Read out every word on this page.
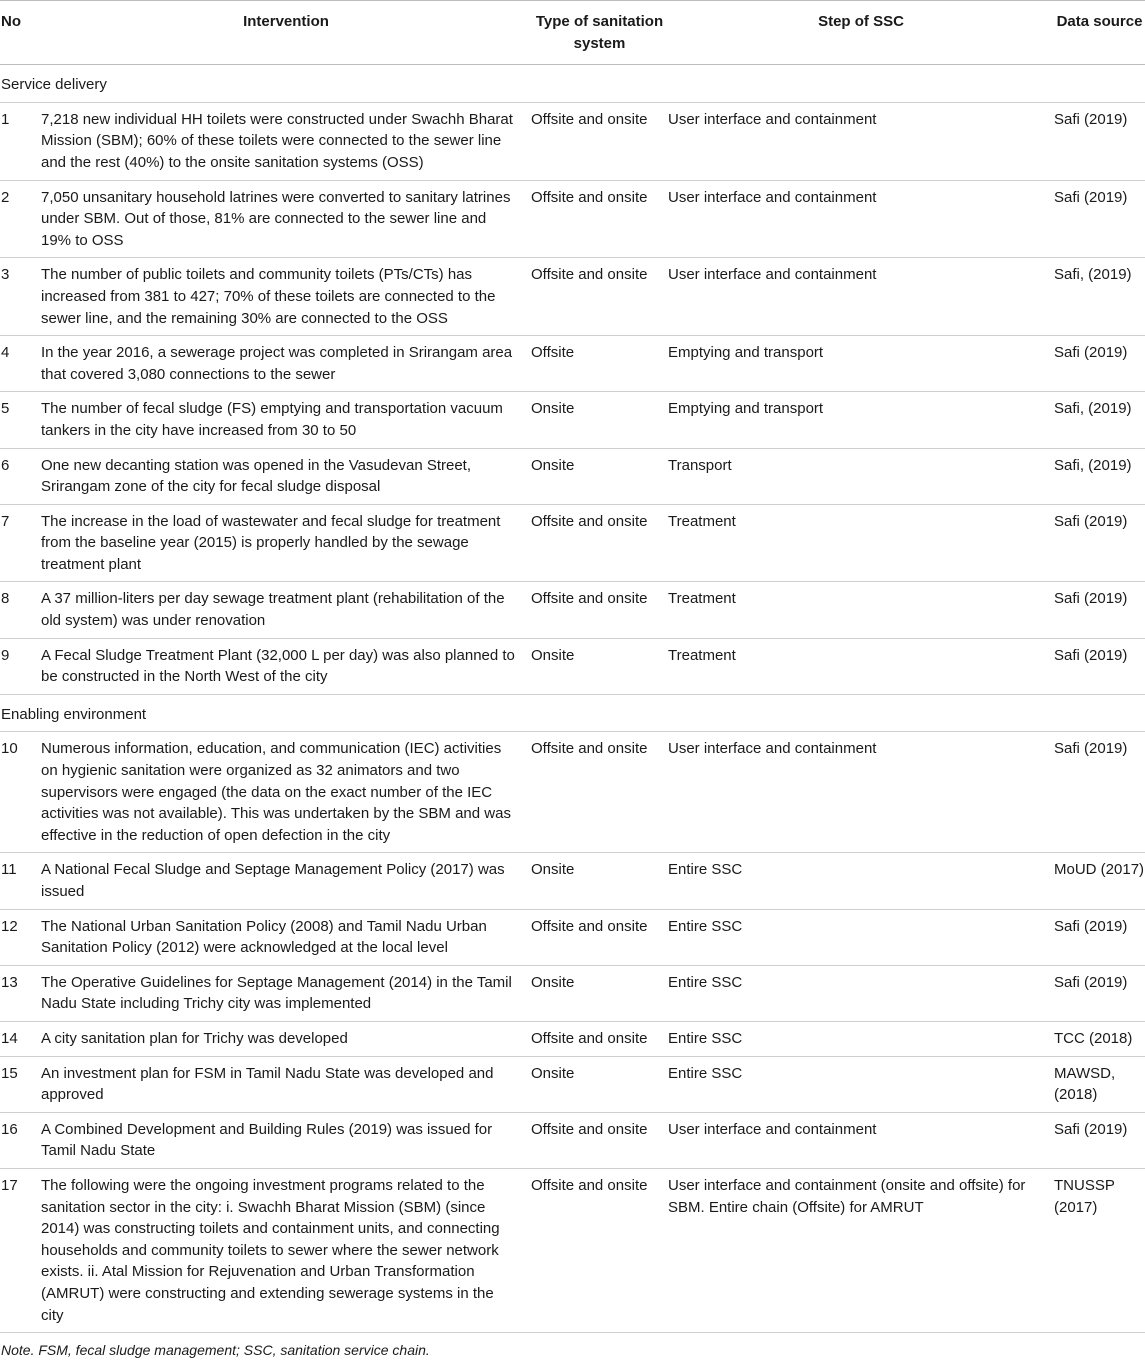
No	Intervention	Type of sanitation system	Step of SSC	Data source
Service delivery				
1	7,218 new individual HH toilets were constructed under Swachh Bharat Mission (SBM); 60% of these toilets were connected to the sewer line and the rest (40%) to the onsite sanitation systems (OSS)	Offsite and onsite	User interface and containment	Safi (2019)
2	7,050 unsanitary household latrines were converted to sanitary latrines under SBM. Out of those, 81% are connected to the sewer line and 19% to OSS	Offsite and onsite	User interface and containment	Safi (2019)
3	The number of public toilets and community toilets (PTs/CTs) has increased from 381 to 427; 70% of these toilets are connected to the sewer line, and the remaining 30% are connected to the OSS	Offsite and onsite	User interface and containment	Safi, (2019)
4	In the year 2016, a sewerage project was completed in Srirangam area that covered 3,080 connections to the sewer	Offsite	Emptying and transport	Safi (2019)
5	The number of fecal sludge (FS) emptying and transportation vacuum tankers in the city have increased from 30 to 50	Onsite	Emptying and transport	Safi, (2019)
6	One new decanting station was opened in the Vasudevan Street, Srirangam zone of the city for fecal sludge disposal	Onsite	Transport	Safi, (2019)
7	The increase in the load of wastewater and fecal sludge for treatment from the baseline year (2015) is properly handled by the sewage treatment plant	Offsite and onsite	Treatment	Safi (2019)
8	A 37 million-liters per day sewage treatment plant (rehabilitation of the old system) was under renovation	Offsite and onsite	Treatment	Safi (2019)
9	A Fecal Sludge Treatment Plant (32,000 L per day) was also planned to be constructed in the North West of the city	Onsite	Treatment	Safi (2019)
Enabling environment				
10	Numerous information, education, and communication (IEC) activities on hygienic sanitation were organized as 32 animators and two supervisors were engaged (the data on the exact number of the IEC activities was not available). This was undertaken by the SBM and was effective in the reduction of open defection in the city	Offsite and onsite	User interface and containment	Safi (2019)
11	A National Fecal Sludge and Septage Management Policy (2017) was issued	Onsite	Entire SSC	MoUD (2017)
12	The National Urban Sanitation Policy (2008) and Tamil Nadu Urban Sanitation Policy (2012) were acknowledged at the local level	Offsite and onsite	Entire SSC	Safi (2019)
13	The Operative Guidelines for Septage Management (2014) in the Tamil Nadu State including Trichy city was implemented	Onsite	Entire SSC	Safi (2019)
14	A city sanitation plan for Trichy was developed	Offsite and onsite	Entire SSC	TCC (2018)
15	An investment plan for FSM in Tamil Nadu State was developed and approved	Onsite	Entire SSC	MAWSD, (2018)
16	A Combined Development and Building Rules (2019) was issued for Tamil Nadu State	Offsite and onsite	User interface and containment	Safi (2019)
17	The following were the ongoing investment programs related to the sanitation sector in the city: i. Swachh Bharat Mission (SBM) (since 2014) was constructing toilets and containment units, and connecting households and community toilets to sewer where the sewer network exists. ii. Atal Mission for Rejuvenation and Urban Transformation (AMRUT) were constructing and extending sewerage systems in the city	Offsite and onsite	User interface and containment (onsite and offsite) for SBM. Entire chain (Offsite) for AMRUT	TNUSSP (2017)
Note. FSM, fecal sludge management; SSC, sanitation service chain.
